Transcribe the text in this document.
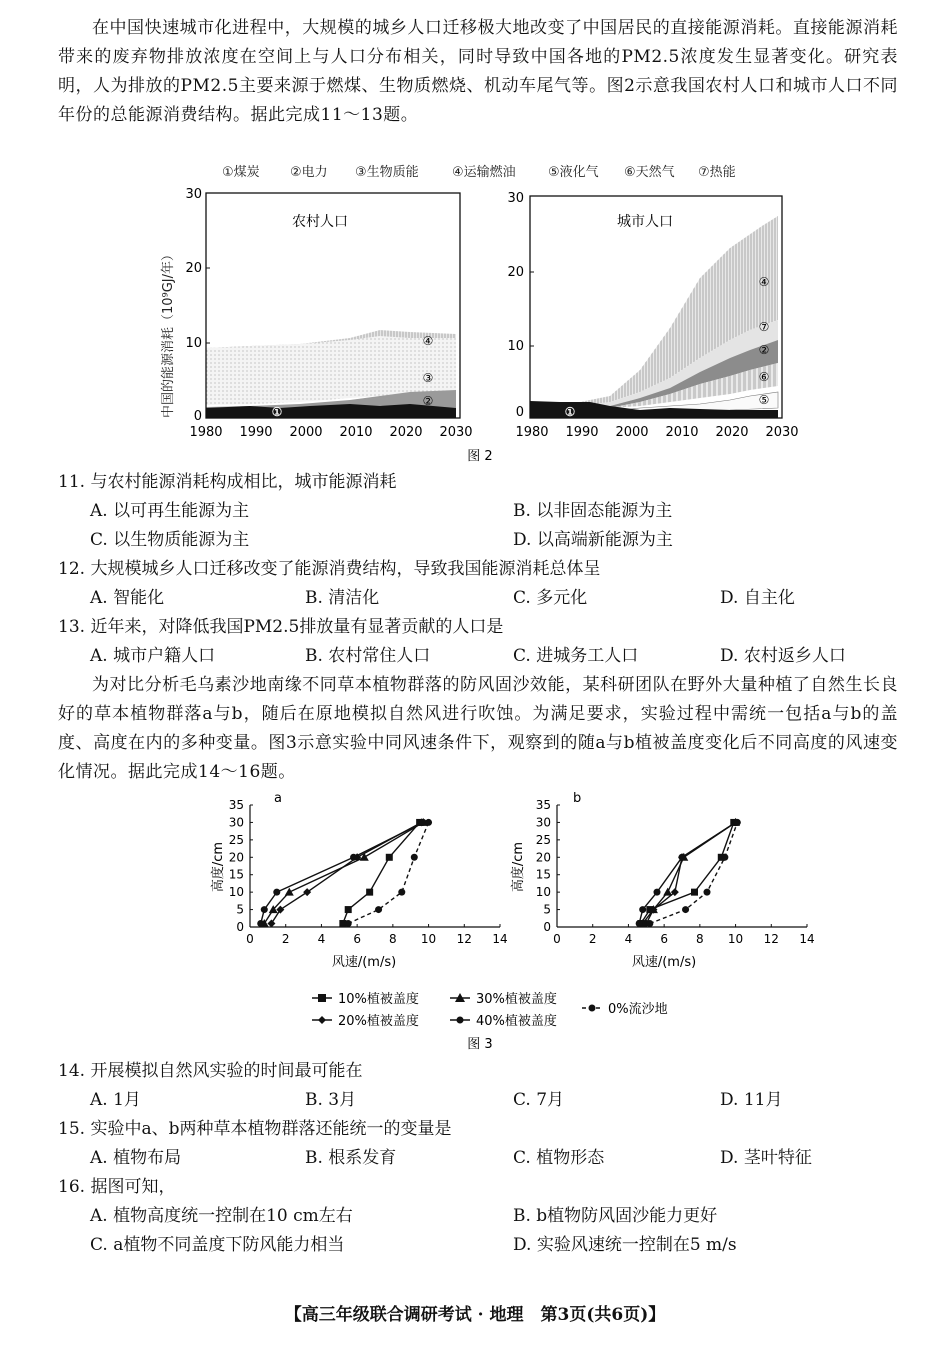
在中国快速城市化进程中，大规模的城乡人口迁移极大地改变了中国居民的直接能源消耗。直接能源消耗带来的废弃物排放浓度在空间上与人口分布相关，同时导致中国各地的PM2.5浓度发生显著变化。研究表明，人为排放的PM2.5主要来源于燃煤、生物质燃烧、机动车尾气等。图2示意我国农村人口和城市人口不同年份的总能源消费结构。据此完成11～13题。
①煤炭 ②电力 ③生物质能	④运输燃油 ⑤液化气 ⑥天然气 ⑦热能
中国的能源消耗（10⁹GJ/年）
农村人口
①
②
③
④
0
10
20
30
1980 1990 2000 2010 2020 2030
城市人口
①
⑤
⑥
②
⑦
④
0
10
20
30
1980 1990 2000 2010 2020 2030
图 2
11. 与农村能源消耗构成相比，城市能源消耗
A. 以可再生能源为主	B. 以非固态能源为主
C. 以生物质能源为主	D. 以高端新能源为主
12. 大规模城乡人口迁移改变了能源消费结构，导致我国能源消耗总体呈
A. 智能化	B. 清洁化	C. 多元化	D. 自主化
13. 近年来，对降低我国PM2.5排放量有显著贡献的人口是
A. 城市户籍人口	B. 农村常住人口	C. 进城务工人口	D. 农村返乡人口
为对比分析毛乌素沙地南缘不同草本植物群落的防风固沙效能，某科研团队在野外大量种植了自然生长良好的草本植物群落a与b，随后在原地模拟自然风进行吹蚀。为满足要求，实验过程中需统一包括a与b的盖度、高度在内的多种变量。图3示意实验中同风速条件下，观察到的随a与b植被盖度变化后不同高度的风速变化情况。据此完成14～16题。
a
高度/cm
风速/(m/s)
b
高度/cm
风速/(m/s)
10%植被盖度	30%植被盖度
0%流沙地
20%植被盖度	40%植被盖度
图 3
0 2 4 6 8 10 12 14
0
5
10
15
20
25
30
35
0 2 4 6 8 10 12 14
0
5
10
15
20
25
30
35
14. 开展模拟自然风实验的时间最可能在
A. 1月	B. 3月	C. 7月	D. 11月
15. 实验中a、b两种草本植物群落还能统一的变量是
A. 植物布局	B. 根系发育	C. 植物形态	D. 茎叶特征
16. 据图可知，
A. 植物高度统一控制在10 cm左右	B. b植物防风固沙能力更好
C. a植物不同盖度下防风能力相当	D. 实验风速统一控制在5 m/s
【高三年级联合调研考试 · 地理　第3页(共6页)】
